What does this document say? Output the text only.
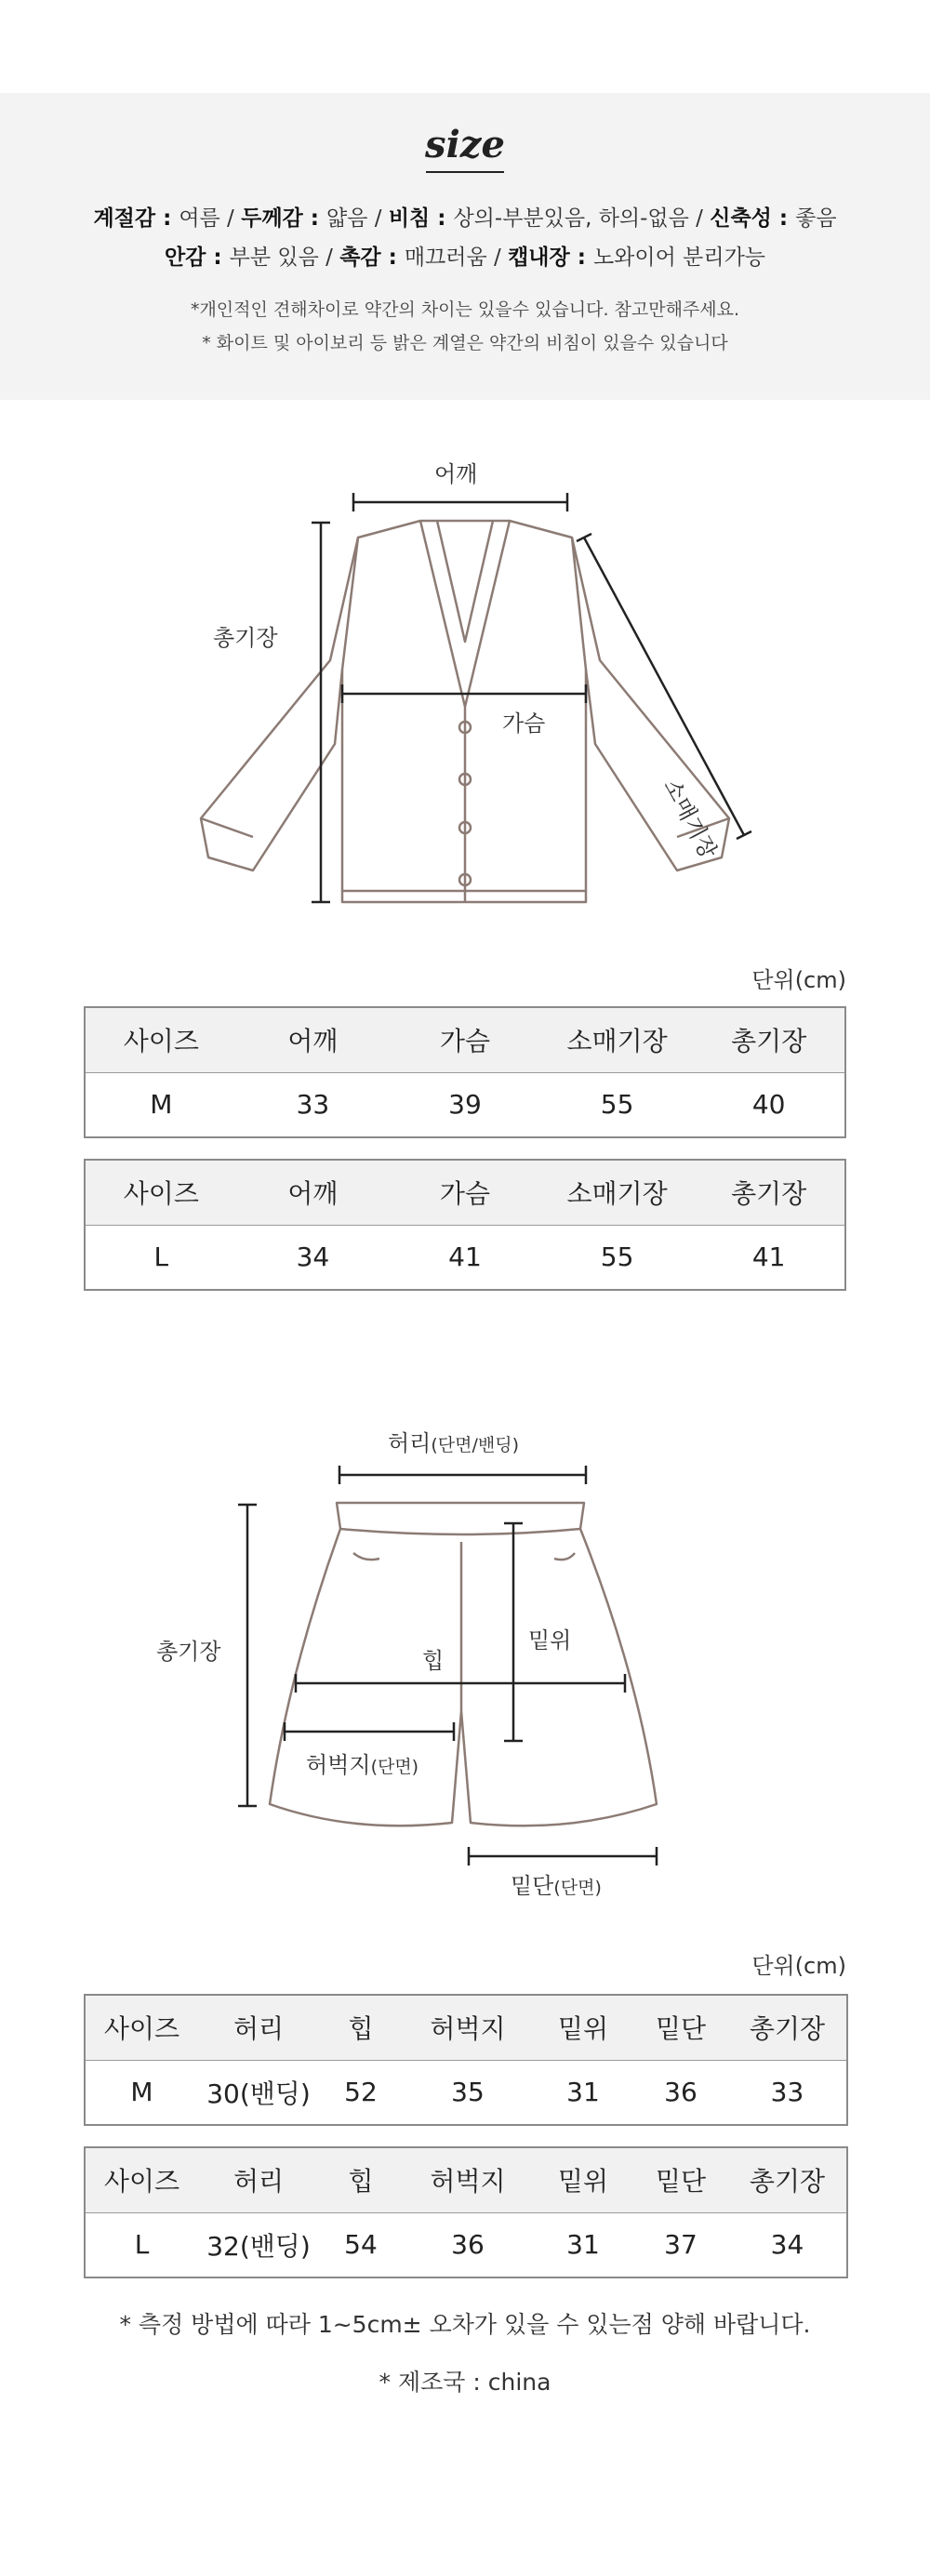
size
계절감 : 여름 / 두께감 : 얇음 / 비침 : 상의-부분있음, 하의-없음 / 신축성 : 좋음
안감 : 부분 있음 / 촉감 : 매끄러움 / 캡내장 : 노와이어 분리가능
*개인적인 견해차이로 약간의 차이는 있을수 있습니다. 참고만해주세요.
* 화이트 및 아이보리 등 밝은 계열은 약간의 비침이 있을수 있습니다
어깨
총기장
가슴
소매기장
단위(cm)
사이즈	어깨	가슴	소매기장	총기장
M	33	39	55	40
사이즈	어깨	가슴	소매기장	총기장
L	34	41	55	41
허리(단면/밴딩)
총기장	밑위
힙
허벅지(단면)
밑단(단면)
단위(cm)
사이즈	허리	힙	허벅지	밑위	밑단	총기장
M	30(밴딩)	52	35	31	36	33
사이즈	허리	힙	허벅지	밑위	밑단	총기장
L	32(밴딩)	54	36	31	37	34
* 측정 방법에 따라 1~5cm± 오차가 있을 수 있는점 양해 바랍니다.
* 제조국 : china
